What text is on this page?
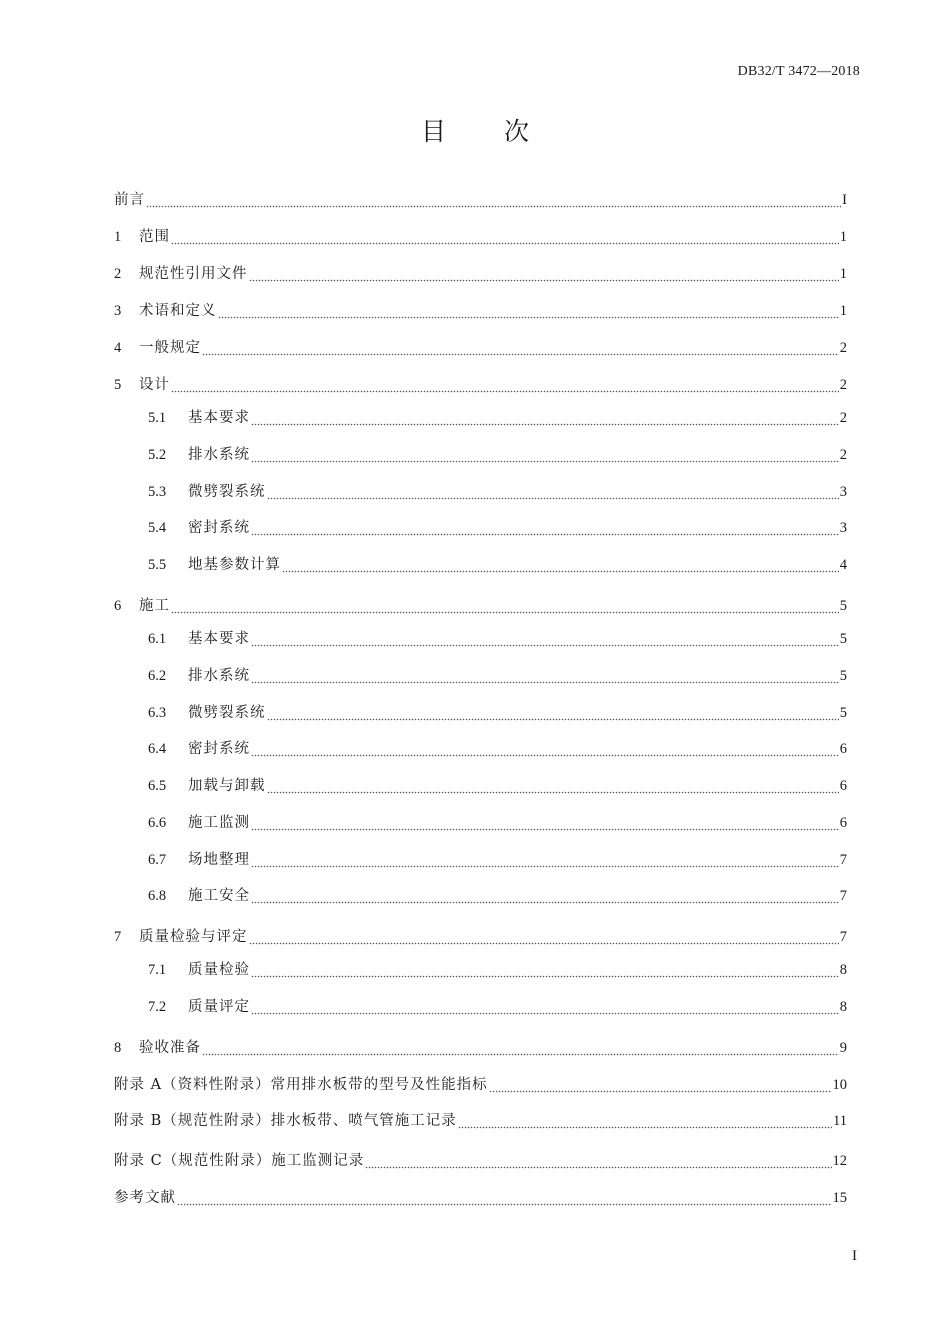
DB32/T 3472—2018
目 次
前言	I
1	范围	1
2	规范性引用文件	1
3	术语和定义	1
4	一般规定	2
5	设计	2
5.1	基本要求	2
5.2	排水系统	2
5.3	微劈裂系统	3
5.4	密封系统	3
5.5	地基参数计算	4
6	施工	5
6.1	基本要求	5
6.2	排水系统	5
6.3	微劈裂系统	5
6.4	密封系统	6
6.5	加载与卸载	6
6.6	施工监测	6
6.7	场地整理	7
6.8	施工安全	7
7	质量检验与评定	7
7.1	质量检验	8
7.2	质量评定	8
8	验收准备	9
附录 A（资料性附录）常用排水板带的型号及性能指标	10
附录 B（规范性附录）排水板带、喷气管施工记录	11
附录 C（规范性附录）施工监测记录	12
参考文献	15
I
